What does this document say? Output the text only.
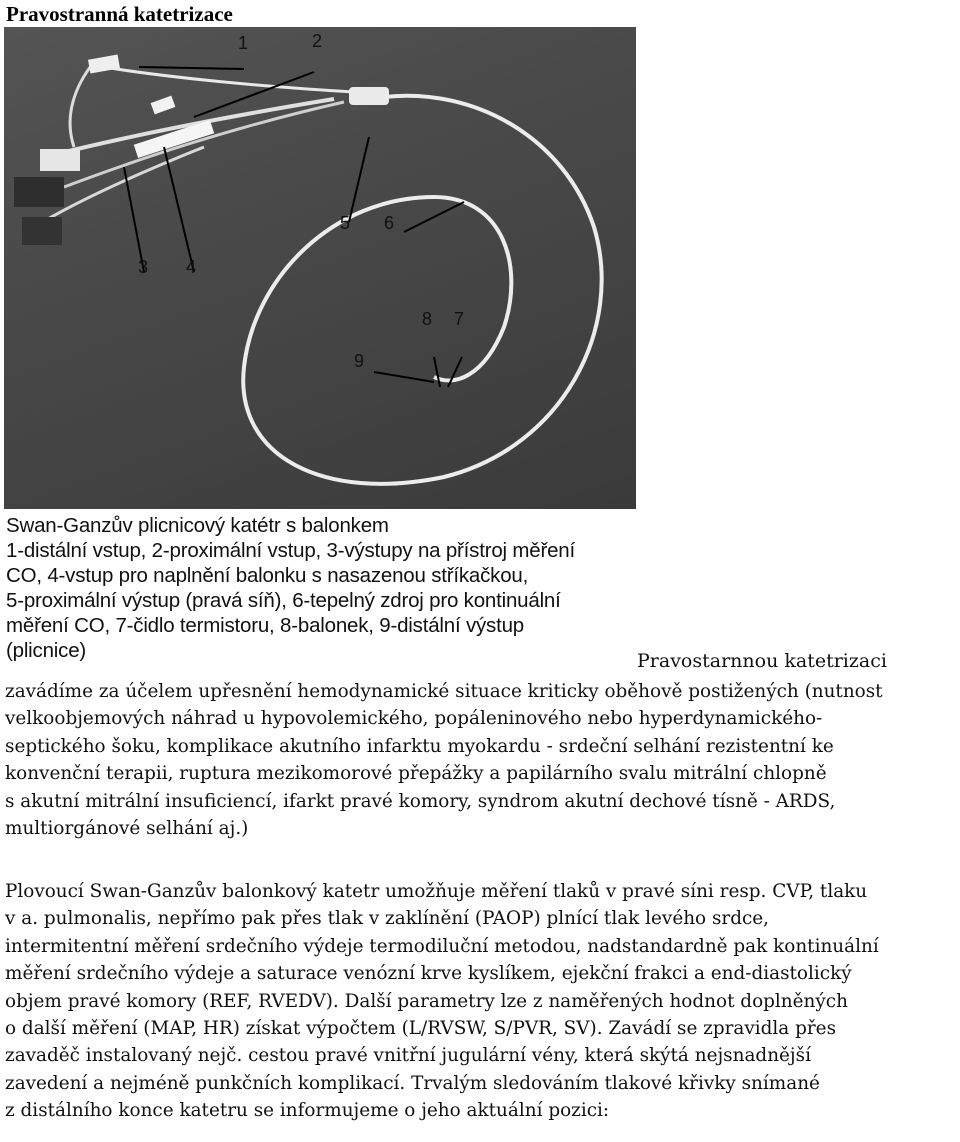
Pravostranná katetrizace
1	2
3 4
5 6
7
8
9
Swan-Ganzův plicnicový katétr s balonkem
1-distální vstup, 2-proximální vstup, 3-výstupy na přístroj měření
CO, 4-vstup pro naplnění balonku s nasazenou stříkačkou,
5-proximální výstup (pravá síň), 6-tepelný zdroj pro kontinuální
měření CO, 7-čidlo termistoru, 8-balonek, 9-distální výstup
(plicnice)	Pravostarnnou katetrizaci
zavádíme za účelem upřesnění hemodynamické situace kriticky oběhově postižených (nutnost
velkoobjemových náhrad u hypovolemického, popáleninového nebo hyperdynamického-
septického šoku, komplikace akutního infarktu myokardu - srdeční selhání rezistentní ke
konvenční terapii, ruptura mezikomorové přepážky a papilárního svalu mitrální chlopně
s akutní mitrální insuficiencí, ifarkt pravé komory, syndrom akutní dechové tísně - ARDS,
multiorgánové selhání aj.)
Plovoucí Swan-Ganzův balonkový katetr umožňuje měření tlaků v pravé síni resp. CVP, tlaku
v a. pulmonalis, nepřímo pak přes tlak v zaklínění (PAOP) plnící tlak levého srdce,
intermitentní měření srdečního výdeje termodiluční metodou, nadstandardně pak kontinuální
měření srdečního výdeje a saturace venózní krve kyslíkem, ejekční frakci a end-diastolický
objem pravé komory (REF, RVEDV). Další parametry lze z naměřených hodnot doplněných
o další měření (MAP, HR) získat výpočtem (L/RVSW, S/PVR, SV). Zavádí se zpravidla přes
zavaděč instalovaný nejč. cestou pravé vnitřní jugulární vény, která skýtá nejsnadnější
zavedení a nejméně punkčních komplikací. Trvalým sledováním tlakové křivky snímané
z distálního konce katetru se informujeme o jeho aktuální pozici:
